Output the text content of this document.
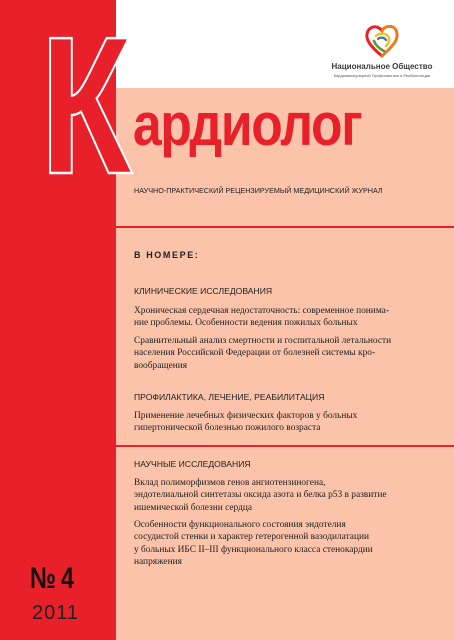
К ардиолог
Национальное Общество
Кардиоваскулярной Профилактики и Реабилитации
НАУЧНО-ПРАКТИЧЕСКИЙ РЕЦЕНЗИРУЕМЫЙ МЕДИЦИНСКИЙ ЖУРНАЛ
В НОМЕРЕ:
КЛИНИЧЕСКИЕ ИССЛЕДОВАНИЯ
Хроническая сердечная недостаточность: современное понима-
ние проблемы. Особенности ведения пожилых больных
Сравнительный анализ смертности и госпитальной летальности
населения Российской Федерации от болезней системы кро-
вообращения
ПРОФИЛАКТИКА, ЛЕЧЕНИЕ, РЕАБИЛИТАЦИЯ
Применение лечебных физических факторов у больных
гипертонической болезнью пожилого возраста
НАУЧНЫЕ ИССЛЕДОВАНИЯ
Вклад полиморфизмов генов ангиотензиногена,
эндотелиальной синтетазы оксида азота и белка p53 в развитие
ишемической болезни сердца
Особенности функционального состояния эндотелия
сосудистой стенки и характер гетерогенной вазодилатации
у больных ИБС II–III функционального класса стенокардии
напряжения
№ 4
2011
